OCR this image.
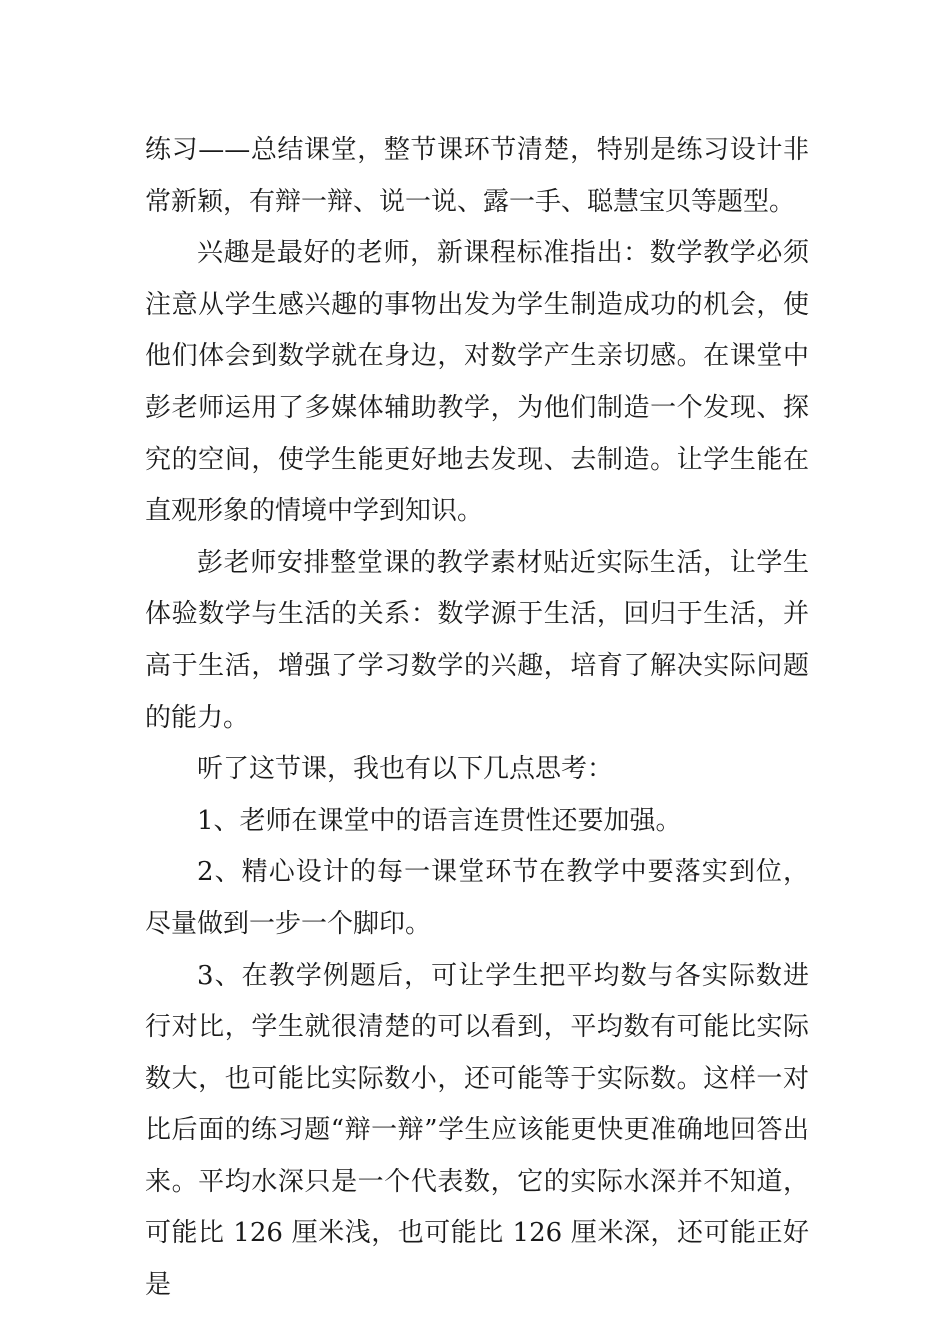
练习——总结课堂，整节课环节清楚，特别是练习设计非常新颖，有辩一辩、说一说、露一手、聪慧宝贝等题型。

兴趣是最好的老师，新课程标准指出：数学教学必须注意从学生感兴趣的事物出发为学生制造成功的机会，使他们体会到数学就在身边，对数学产生亲切感。在课堂中彭老师运用了多媒体辅助教学，为他们制造一个发现、探究的空间，使学生能更好地去发现、去制造。让学生能在直观形象的情境中学到知识。

彭老师安排整堂课的教学素材贴近实际生活，让学生体验数学与生活的关系：数学源于生活，回归于生活，并高于生活，增强了学习数学的兴趣，培育了解决实际问题的能力。

听了这节课，我也有以下几点思考：

1、老师在课堂中的语言连贯性还要加强。

2、精心设计的每一课堂环节在教学中要落实到位，尽量做到一步一个脚印。

3、在教学例题后，可让学生把平均数与各实际数进行对比，学生就很清楚的可以看到，平均数有可能比实际数大，也可能比实际数小，还可能等于实际数。这样一对比后面的练习题“辩一辩”学生应该能更快更准确地回答出来。平均水深只是一个代表数，它的实际水深并不知道，可能比 126 厘米浅，也可能比 126 厘米深，还可能正好是
